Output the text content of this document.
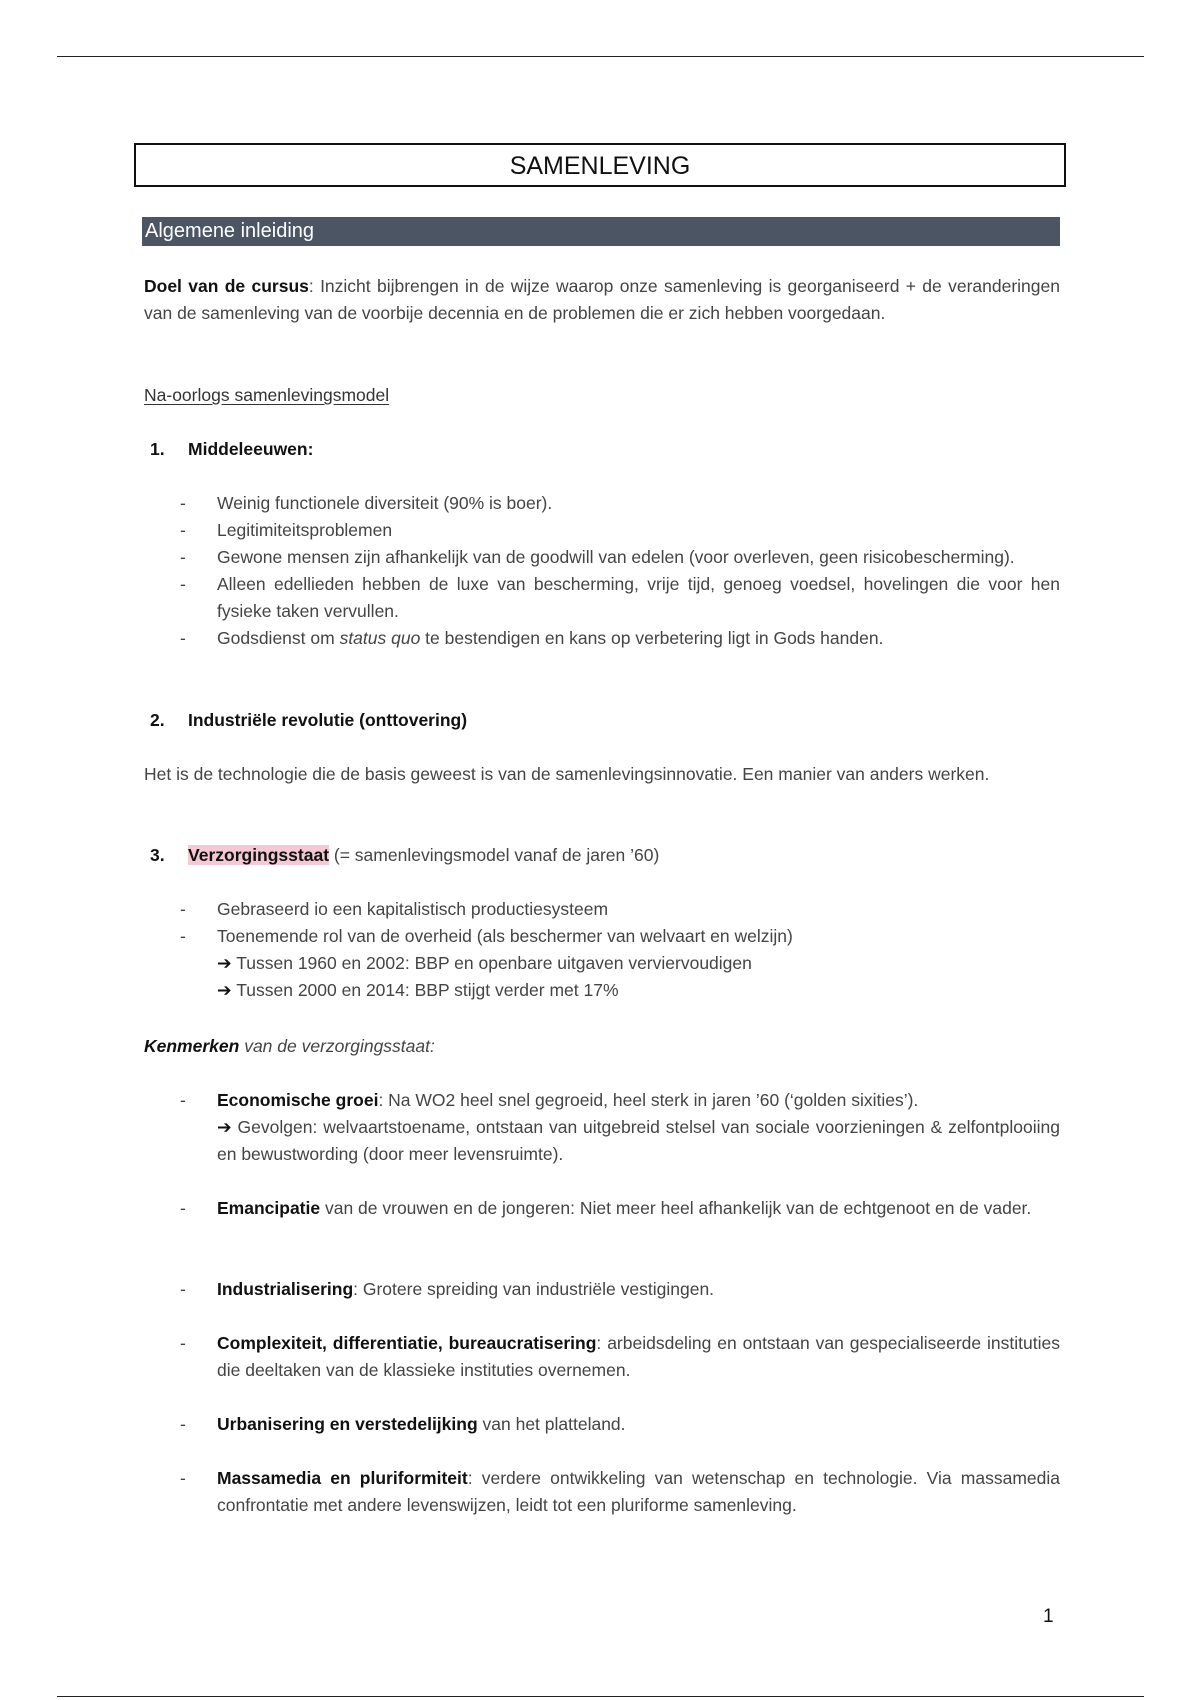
SAMENLEVING
Algemene inleiding

Doel van de cursus: Inzicht bijbrengen in de wijze waarop onze samenleving is georganiseerd + de veranderingen van de samenleving van de voorbije decennia en de problemen die er zich hebben voorgedaan.

Na-oorlogs samenlevingsmodel
1. Middeleeuwen:
- Weinig functionele diversiteit (90% is boer).
- Legitimiteitsproblemen
- Gewone mensen zijn afhankelijk van de goodwill van edelen (voor overleven, geen risicobescherming).
- Alleen edellieden hebben de luxe van bescherming, vrije tijd, genoeg voedsel, hovelingen die voor hen fysieke taken vervullen.
- Godsdienst om status quo te bestendigen en kans op verbetering ligt in Gods handen.
2. Industriële revolutie (onttovering)

Het is de technologie die de basis geweest is van de samenlevingsinnovatie. Een manier van anders werken.

3. Verzorgingsstaat (= samenlevingsmodel vanaf de jaren ’60)
- Gebraseerd io een kapitalistisch productiesysteem
- Toenemende rol van de overheid (als beschermer van welvaart en welzijn)
➔ Tussen 1960 en 2002: BBP en openbare uitgaven verviervoudigen
➔ Tussen 2000 en 2014: BBP stijgt verder met 17%
Kenmerken van de verzorgingsstaat:
- Economische groei: Na WO2 heel snel gegroeid, heel sterk in jaren ’60 (‘golden sixities’).
➔ Gevolgen: welvaartstoename, ontstaan van uitgebreid stelsel van sociale voorzieningen & zelfontplooiing en bewustwording (door meer levensruimte).
- Emancipatie van de vrouwen en de jongeren: Niet meer heel afhankelijk van de echtgenoot en de vader.
- Industrialisering: Grotere spreiding van industriële vestigingen.
- Complexiteit, differentiatie, bureaucratisering: arbeidsdeling en ontstaan van gespecialiseerde instituties die deeltaken van de klassieke instituties overnemen.
- Urbanisering en verstedelijking van het platteland.
- Massamedia en pluriformiteit: verdere ontwikkeling van wetenschap en technologie. Via massamedia confrontatie met andere levenswijzen, leidt tot een pluriforme samenleving.
1
